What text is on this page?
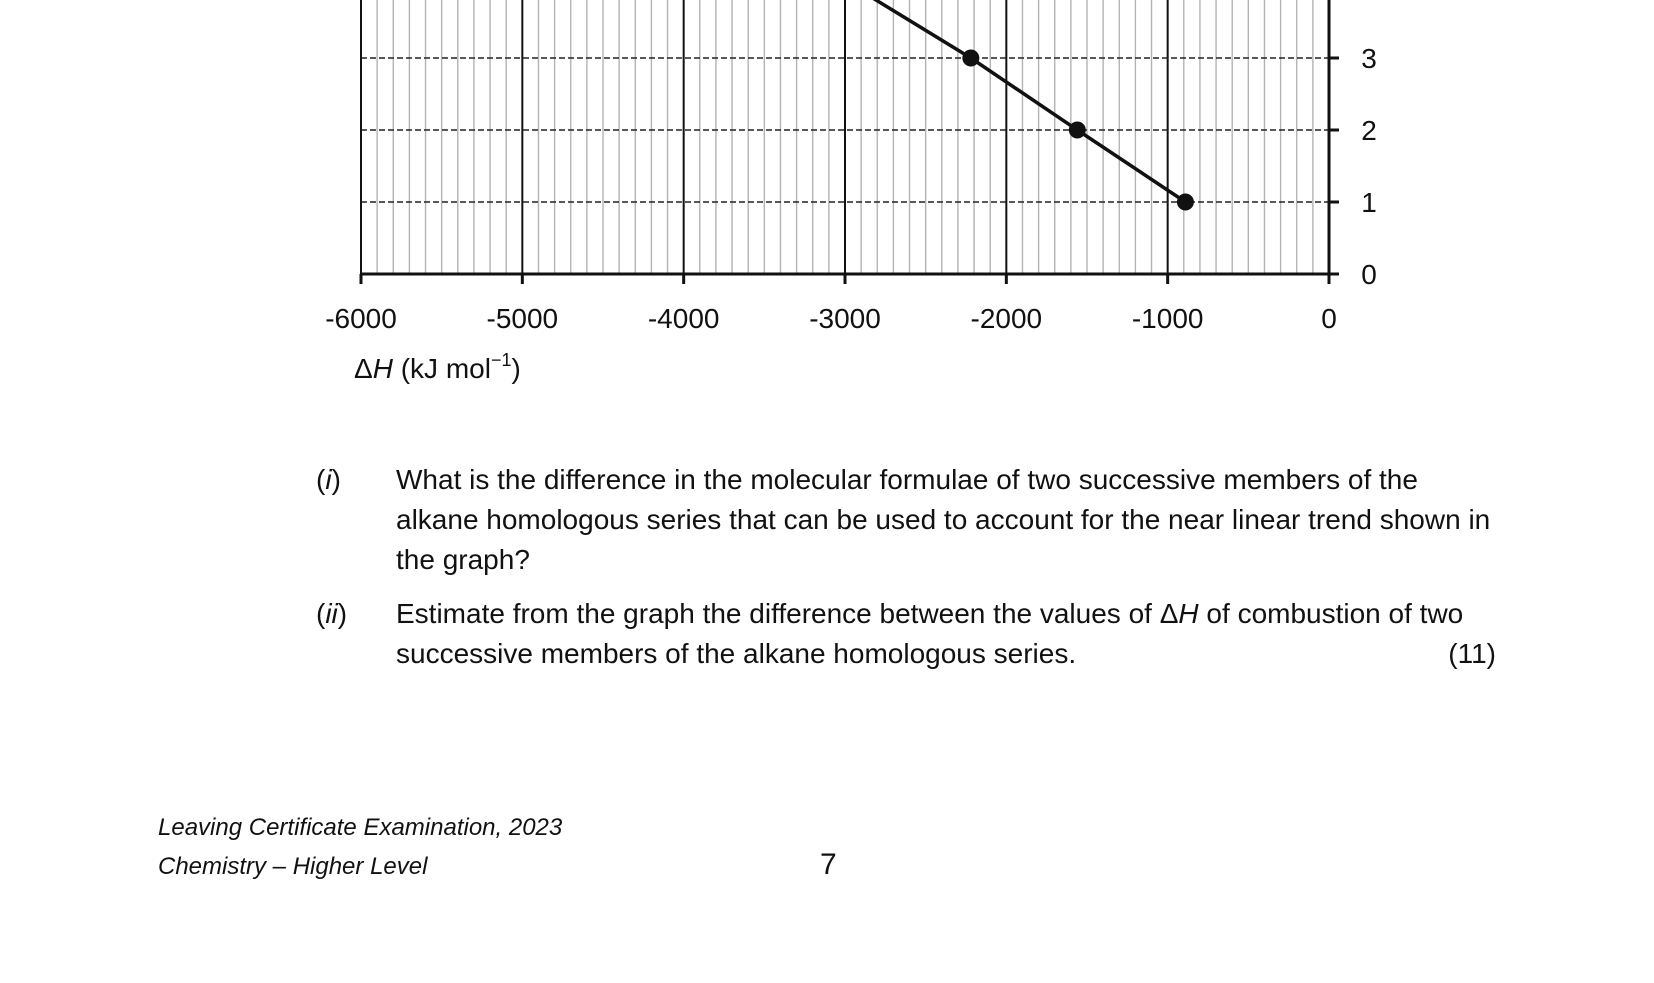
-6000	-5000	-4000	-3000	-2000	-1000	0
0
1
2
3
ΔH (kJ mol$^{-1}$)
(i) What is the difference in the molecular formulae of two successive members of the alkane homologous series that can be used to account for the near linear trend shown in the graph?
(ii) Estimate from the graph the difference between the values of ΔH of combustion of two successive members of the alkane homologous series.	(11)
Leaving Certificate Examination, 2023
Chemistry – Higher Level	7
